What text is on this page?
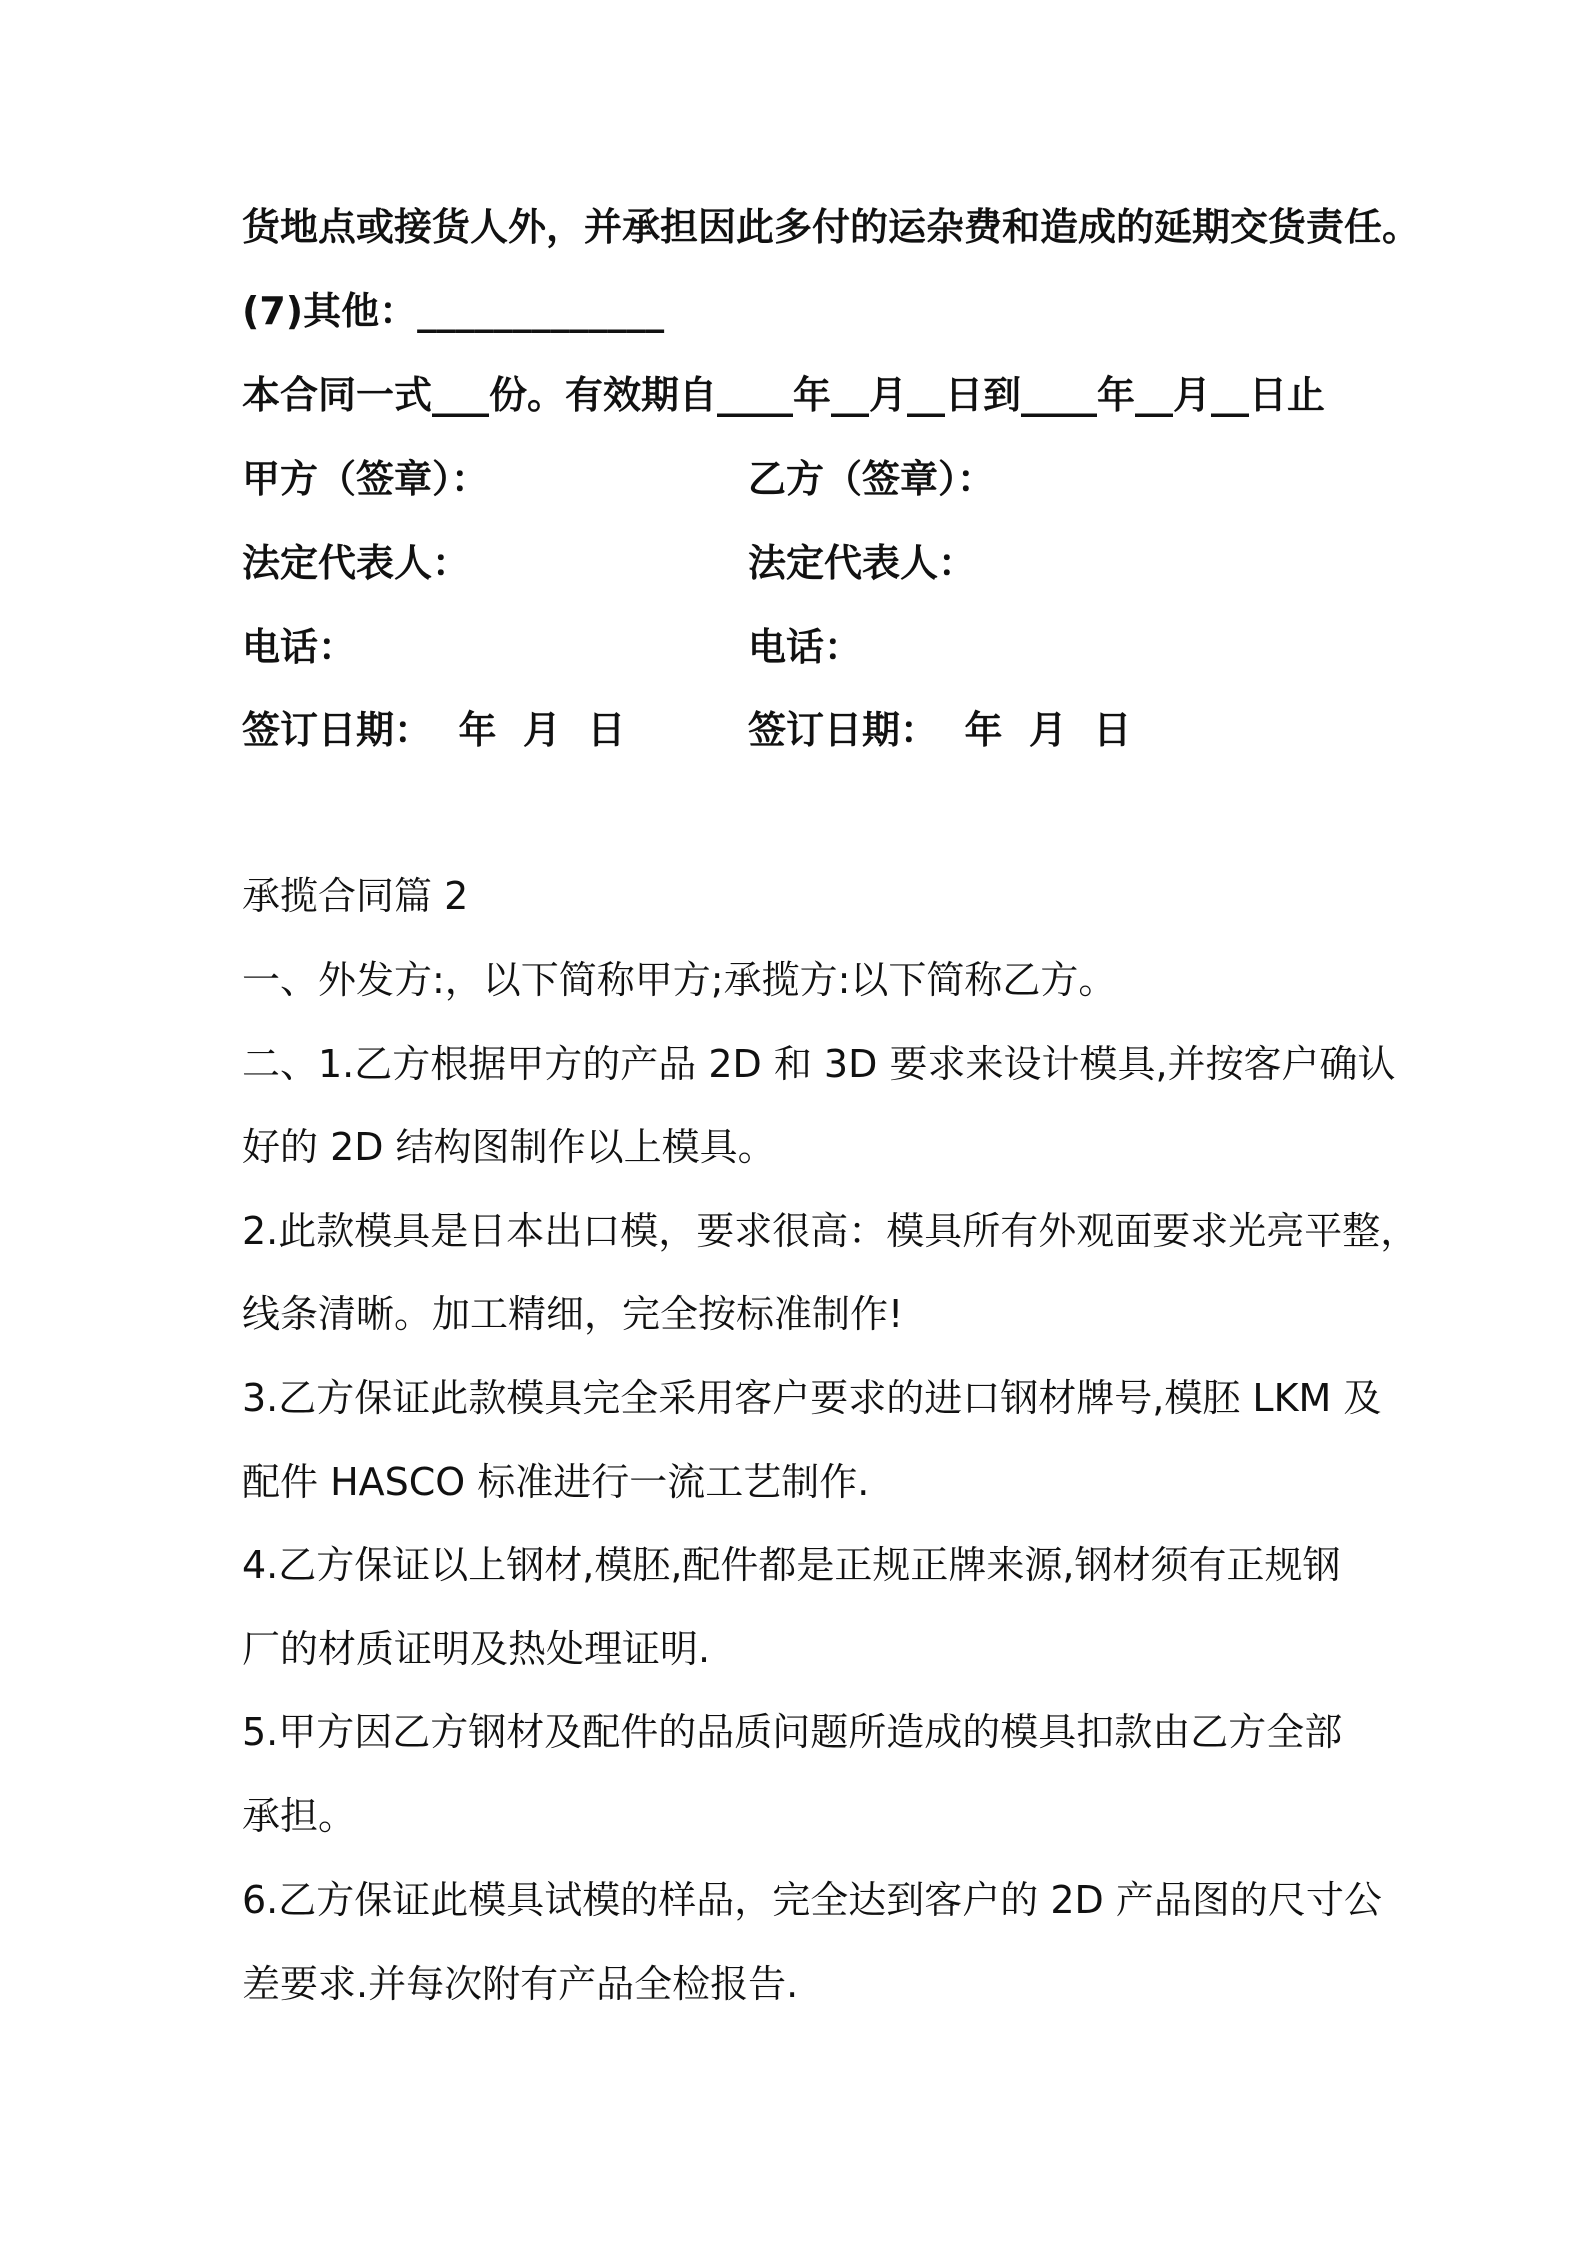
货地点或接货人外，并承担因此多付的运杂费和造成的延期交货责任。

(7)其他：_____________

本合同一式___份。有效期自____年__月__日到____年__月__日止

甲方（签章）：	乙方（签章）：

法定代表人：	法定代表人：

电话：	电话：

签订日期：  年  月  日	签订日期：  年  月  日

承揽合同篇 2

一、外发方:，以下简称甲方;承揽方:以下简称乙方。

二、1.乙方根据甲方的产品 2D 和 3D 要求来设计模具,并按客户确认

好的 2D 结构图制作以上模具。

2.此款模具是日本出口模，要求很高：模具所有外观面要求光亮平整，

线条清晰。加工精细，完全按标准制作!

3.乙方保证此款模具完全采用客户要求的进口钢材牌号,模胚 LKM 及

配件 HASCO 标准进行一流工艺制作.

4.乙方保证以上钢材,模胚,配件都是正规正牌来源,钢材须有正规钢

厂的材质证明及热处理证明.

5.甲方因乙方钢材及配件的品质问题所造成的模具扣款由乙方全部

承担。

6.乙方保证此模具试模的样品，完全达到客户的 2D 产品图的尺寸公

差要求.并每次附有产品全检报告.
